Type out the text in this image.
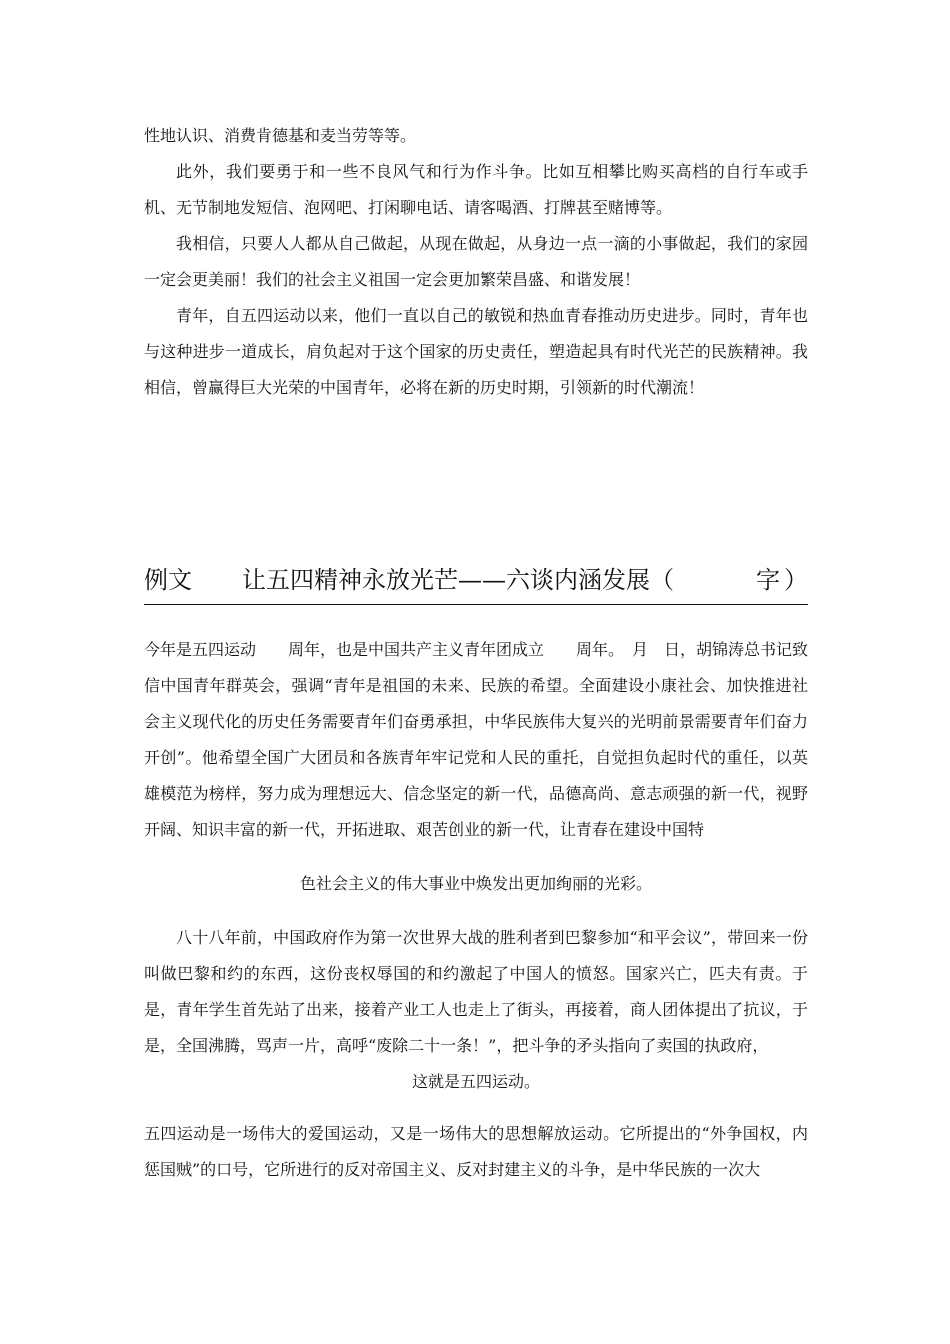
性地认识、消费肯德基和麦当劳等等。

此外，我们要勇于和一些不良风气和行为作斗争。比如互相攀比购买高档的自行车或手机、无节制地发短信、泡网吧、打闲聊电话、请客喝酒、打牌甚至赌博等。

我相信，只要人人都从自己做起，从现在做起，从身边一点一滴的小事做起，我们的家园一定会更美丽！我们的社会主义祖国一定会更加繁荣昌盛、和谐发展！

青年，自五四运动以来，他们一直以自己的敏锐和热血青春推动历史进步。同时，青年也与这种进步一道成长，肩负起对于这个国家的历史责任，塑造起具有时代光芒的民族精神。我相信，曾赢得巨大光荣的中国青年，必将在新的历史时期，引领新的时代潮流！

例文 让五四精神永放光芒——六谈内涵发展（	字 ）

今年是五四运动　　周年，也是中国共产主义青年团成立　　周年。　月　日，胡锦涛总书记致信中国青年群英会，强调“青年是祖国的未来、民族的希望。全面建设小康社会、加快推进社会主义现代化的历史任务需要青年们奋勇承担，中华民族伟大复兴的光明前景需要青年们奋力开创”。他希望全国广大团员和各族青年牢记党和人民的重托，自觉担负起时代的重任，以英雄模范为榜样，努力成为理想远大、信念坚定的新一代，品德高尚、意志顽强的新一代，视野开阔、知识丰富的新一代，开拓进取、艰苦创业的新一代，让青春在建设中国特

色社会主义的伟大事业中焕发出更加绚丽的光彩。

八十八年前，中国政府作为第一次世界大战的胜利者到巴黎参加“和平会议”，带回来一份叫做巴黎和约的东西，这份丧权辱国的和约激起了中国人的愤怒。国家兴亡，匹夫有责。于是，青年学生首先站了出来，接着产业工人也走上了街头，再接着，商人团体提出了抗议，于是，全国沸腾，骂声一片，高呼“废除二十一条！”，把斗争的矛头指向了卖国的执政府，

这就是五四运动。

五四运动是一场伟大的爱国运动，又是一场伟大的思想解放运动。它所提出的“外争国权，内惩国贼”的口号，它所进行的反对帝国主义、反对封建主义的斗争，是中华民族的一次大
